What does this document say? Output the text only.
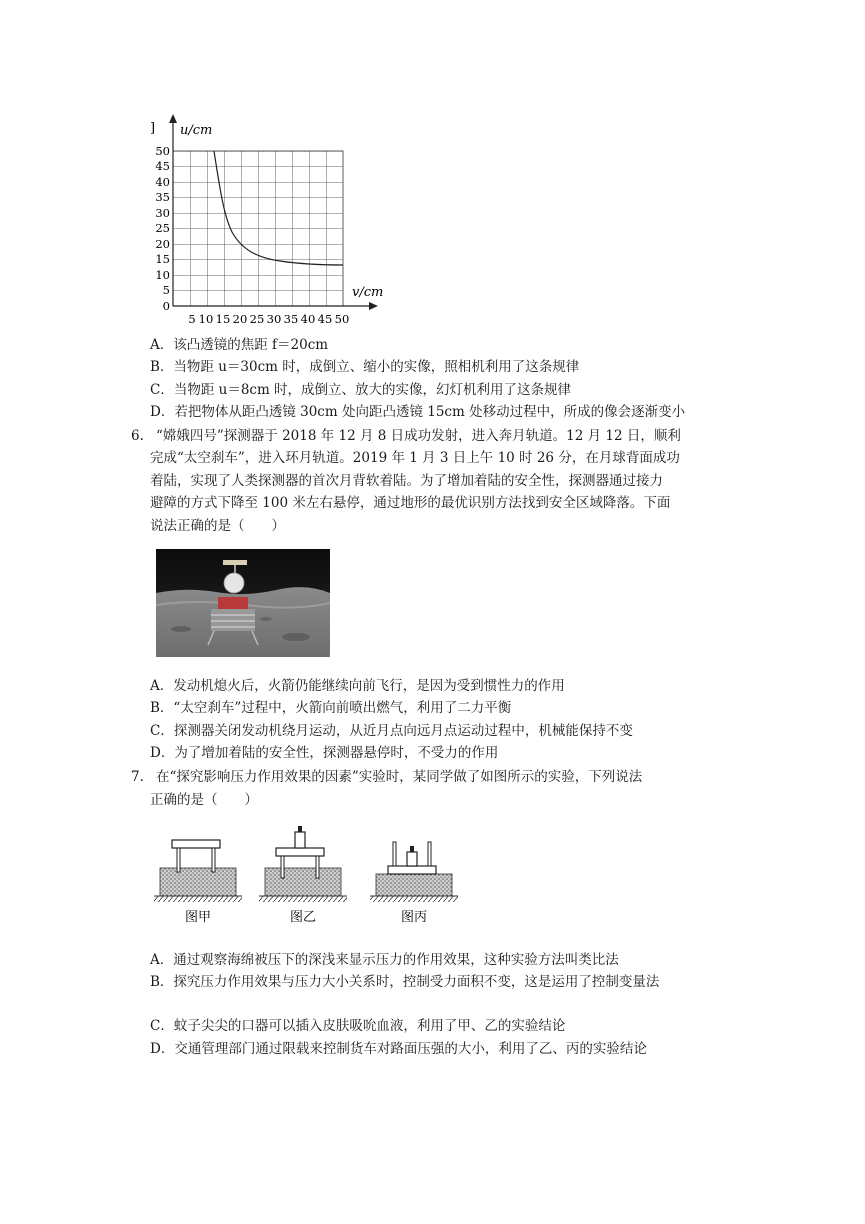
] u/cm
v/cm
50
45
40
35
30
25
20
15
10
5
0
5 10 15 20 25 30 35 40 45 50
A．该凸透镜的焦距 f＝20cm
B．当物距 u＝30cm 时，成倒立、缩小的实像，照相机利用了这条规律
C．当物距 u＝8cm 时，成倒立、放大的实像，幻灯机利用了这条规律
D．若把物体从距凸透镜 30cm 处向距凸透镜 15cm 处移动过程中，所成的像会逐渐变小
6. “嫦娥四号”探测器于 2018 年 12 月 8 日成功发射，进入奔月轨道。12 月 12 日，顺利
完成“太空刹车”，进入环月轨道。2019 年 1 月 3 日上午 10 时 26 分，在月球背面成功
着陆，实现了人类探测器的首次月背软着陆。为了增加着陆的安全性，探测器通过接力
避障的方式下降至 100 米左右悬停，通过地形的最优识别方法找到安全区域降落。下面
说法正确的是（　　）
A．发动机熄火后，火箭仍能继续向前飞行，是因为受到惯性力的作用
B．“太空刹车”过程中，火箭向前喷出燃气，利用了二力平衡
C．探测器关闭发动机绕月运动，从近月点向远月点运动过程中，机械能保持不变
D．为了增加着陆的安全性，探测器悬停时，不受力的作用
7. 在“探究影响压力作用效果的因素”实验时，某同学做了如图所示的实验，下列说法
正确的是（　　）
图甲	图乙	图丙
A．通过观察海绵被压下的深浅来显示压力的作用效果，这种实验方法叫类比法
B．探究压力作用效果与压力大小关系时，控制受力面积不变，这是运用了控制变量法
C．蚊子尖尖的口器可以插入皮肤吸吮血液，利用了甲、乙的实验结论
D．交通管理部门通过限载来控制货车对路面压强的大小，利用了乙、丙的实验结论
